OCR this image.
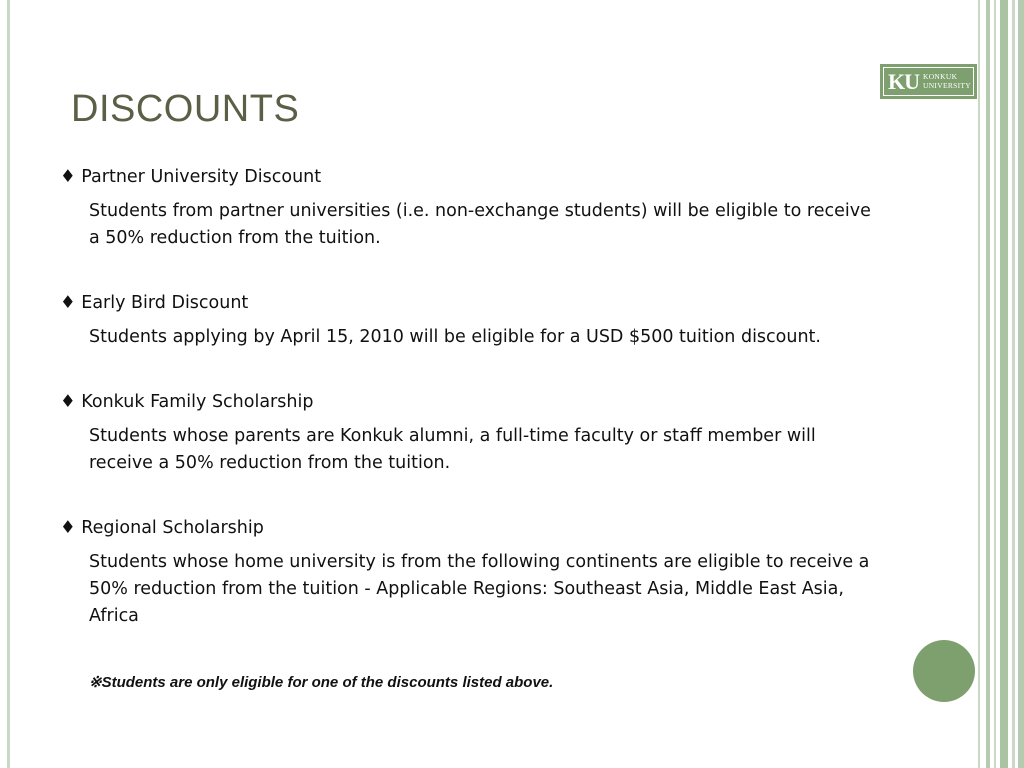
DISCOUNTS
KU KONKUK
UNIVERSITY

♦ Partner University Discount

Students from partner universities (i.e. non-exchange students) will be eligible to receive a 50% reduction from the tuition.

♦ Early Bird Discount

Students applying by April 15, 2010 will be eligible for a USD $500 tuition discount.

♦ Konkuk Family Scholarship

Students whose parents are Konkuk alumni, a full-time faculty or staff member will receive a 50% reduction from the tuition.

♦ Regional Scholarship

Students whose home university is from the following continents are eligible to receive a 50% reduction from the tuition - Applicable Regions: Southeast Asia, Middle East Asia, Africa

※Students are only eligible for one of the discounts listed above.
